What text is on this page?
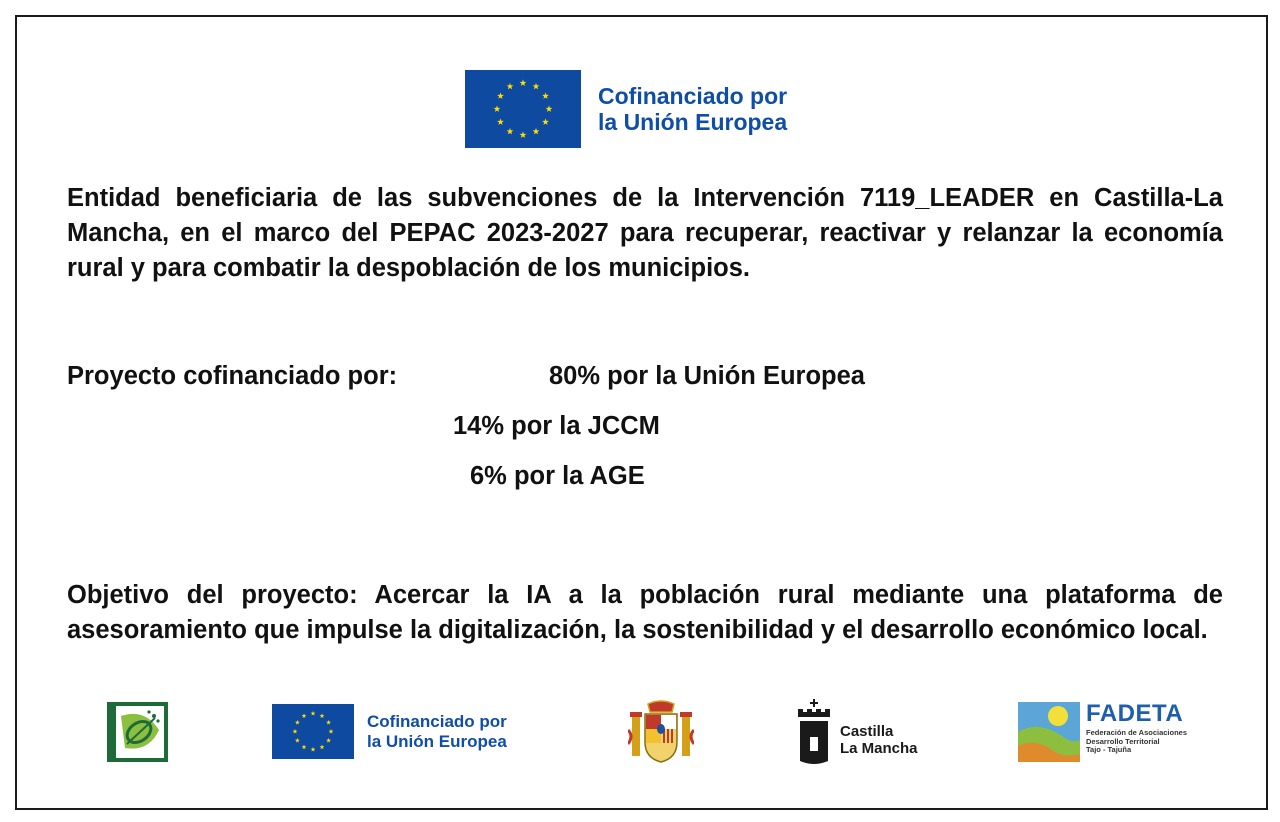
Cofinanciado por
la Unión Europea

Entidad beneficiaria de las subvenciones de la Intervención 7119_LEADER en Castilla-La Mancha, en el marco del PEPAC 2023-2027 para recuperar, reactivar y relanzar la economía rural y para combatir la despoblación de los municipios.

Proyecto cofinanciado por:	80% por la Unión Europea
14% por la JCCM
6% por la AGE

Objetivo del proyecto: Acercar la IA a la población rural mediante una plataforma de asesoramiento que impulse la digitalización, la sostenibilidad y el desarrollo económico local.

Cofinanciado por
la Unión Europea	Castilla
La Mancha
FADETA
Federación de Asociaciones
Desarrollo Territorial
Tajo - Tajuña
